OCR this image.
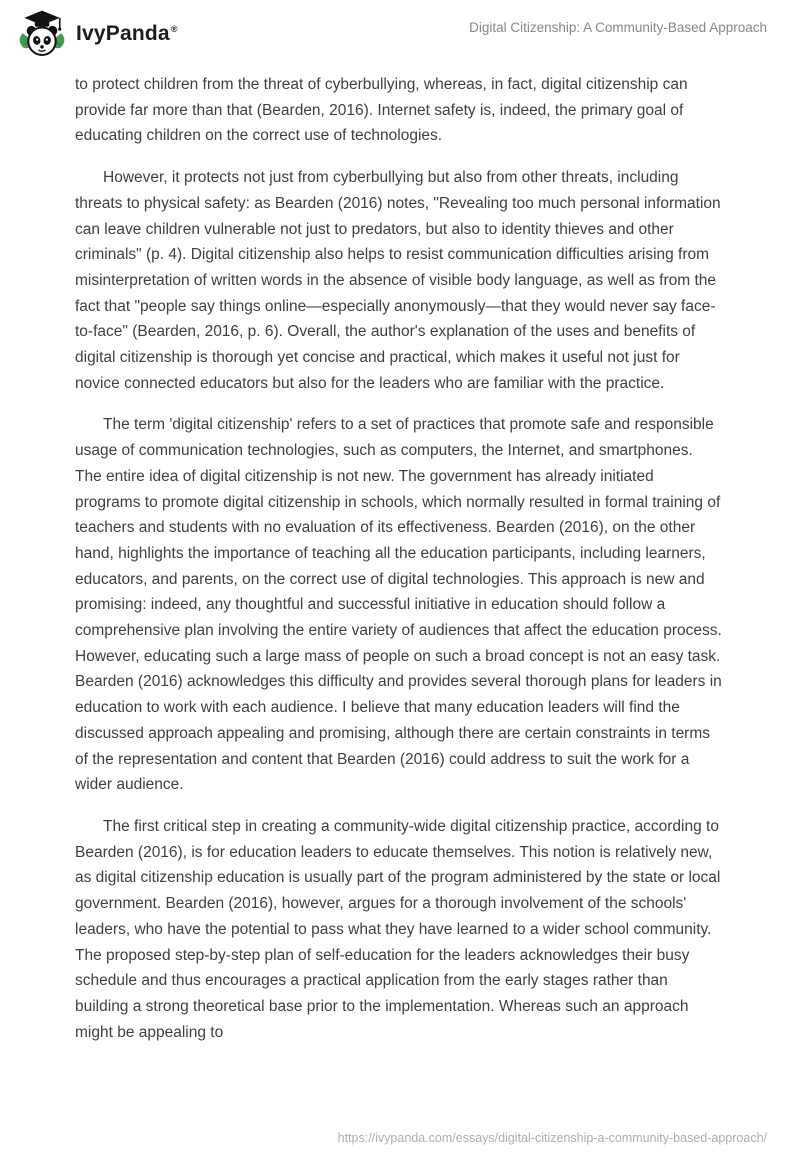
IvyPanda®	Digital Citizenship: A Community-Based Approach

to protect children from the threat of cyberbullying, whereas, in fact, digital citizenship can provide far more than that (Bearden, 2016). Internet safety is, indeed, the primary goal of educating children on the correct use of technologies.

However, it protects not just from cyberbullying but also from other threats, including threats to physical safety: as Bearden (2016) notes, "Revealing too much personal information can leave children vulnerable not just to predators, but also to identity thieves and other criminals" (p. 4). Digital citizenship also helps to resist communication difficulties arising from misinterpretation of written words in the absence of visible body language, as well as from the fact that "people say things online—especially anonymously—that they would never say face-to-face" (Bearden, 2016, p. 6). Overall, the author's explanation of the uses and benefits of digital citizenship is thorough yet concise and practical, which makes it useful not just for novice connected educators but also for the leaders who are familiar with the practice.

The term 'digital citizenship' refers to a set of practices that promote safe and responsible usage of communication technologies, such as computers, the Internet, and smartphones. The entire idea of digital citizenship is not new. The government has already initiated programs to promote digital citizenship in schools, which normally resulted in formal training of teachers and students with no evaluation of its effectiveness. Bearden (2016), on the other hand, highlights the importance of teaching all the education participants, including learners, educators, and parents, on the correct use of digital technologies. This approach is new and promising: indeed, any thoughtful and successful initiative in education should follow a comprehensive plan involving the entire variety of audiences that affect the education process. However, educating such a large mass of people on such a broad concept is not an easy task. Bearden (2016) acknowledges this difficulty and provides several thorough plans for leaders in education to work with each audience. I believe that many education leaders will find the discussed approach appealing and promising, although there are certain constraints in terms of the representation and content that Bearden (2016) could address to suit the work for a wider audience.

The first critical step in creating a community-wide digital citizenship practice, according to Bearden (2016), is for education leaders to educate themselves. This notion is relatively new, as digital citizenship education is usually part of the program administered by the state or local government. Bearden (2016), however, argues for a thorough involvement of the schools' leaders, who have the potential to pass what they have learned to a wider school community. The proposed step-by-step plan of self-education for the leaders acknowledges their busy schedule and thus encourages a practical application from the early stages rather than building a strong theoretical base prior to the implementation. Whereas such an approach might be appealing to

https://ivypanda.com/essays/digital-citizenship-a-community-based-approach/
